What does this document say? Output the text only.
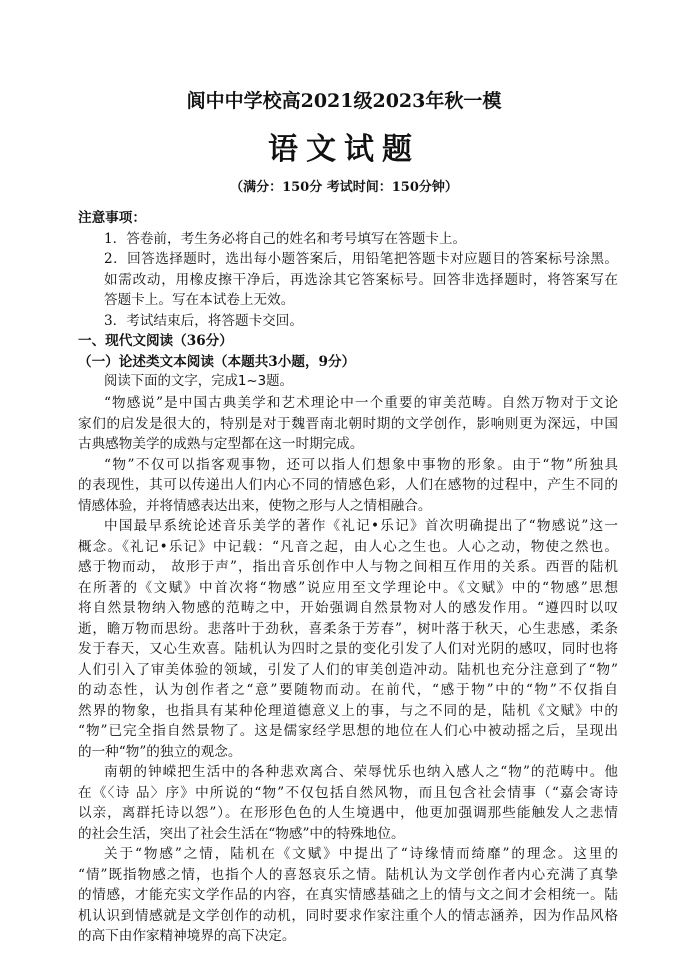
阆中中学校高2021级2023年秋一模
语文试题
（满分：150分 考试时间：150分钟）
注意事项：
1．答卷前，考生务必将自己的姓名和考号填写在答题卡上。
2．回答选择题时，选出每小题答案后，用铅笔把答题卡对应题目的答案标号涂黑。
如需改动，用橡皮擦干净后，再选涂其它答案标号。回答非选择题时，将答案写在
答题卡上。写在本试卷上无效。
3．考试结束后，将答题卡交回。
一、现代文阅读（36分）
（一）论述类文本阅读（本题共3小题，9分）
阅读下面的文字，完成1~3题。
“物感说”是中国古典美学和艺术理论中一个重要的审美范畴。自然万物对于文论
家们的启发是很大的，特别是对于魏晋南北朝时期的文学创作，影响则更为深远，中国
古典感物美学的成熟与定型都在这一时期完成。
“物”不仅可以指客观事物，还可以指人们想象中事物的形象。由于“物”所独具
的表现性，其可以传递出人们内心不同的情感色彩，人们在感物的过程中，产生不同的
情感体验，并将情感表达出来，使物之形与人之情相融合。
中国最早系统论述音乐美学的著作《礼记•乐记》首次明确提出了“物感说”这一
概念。《礼记•乐记》中记载：“凡音之起，由人心之生也。人心之动，物使之然也。
感于物而动， 故形于声”，指出音乐创作中人与物之间相互作用的关系。西晋的陆机
在所著的《文赋》中首次将“物感”说应用至文学理论中。《文赋》中的“物感”思想
将自然景物纳入物感的范畴之中，开始强调自然景物对人的感发作用。“遵四时以叹
逝，瞻万物而思纷。悲落叶于劲秋，喜柔条于芳春”，树叶落于秋天，心生悲感，柔条
发于春天，又心生欢喜。陆机认为四时之景的变化引发了人们对光阴的感叹，同时也将
人们引入了审美体验的领域，引发了人们的审美创造冲动。陆机也充分注意到了“物”
的动态性，认为创作者之“意”要随物而动。在前代，“感于物”中的“物”不仅指自
然界的物象，也指具有某种伦理道德意义上的事，与之不同的是，陆机《文赋》中的
“物”已完全指自然景物了。这是儒家经学思想的地位在人们心中被动摇之后，呈现出
的一种“物”的独立的观念。
南朝的钟嵘把生活中的各种悲欢离合、荣辱忧乐也纳入感人之“物”的范畴中。他
在《〈诗 品〉序》中所说的“物”不仅包括自然风物，而且包含社会情事（“嘉会寄诗
以亲，离群托诗以怨”）。在形形色色的人生境遇中，他更加强调那些能触发人之悲情
的社会生活，突出了社会生活在“物感”中的特殊地位。
关于“物感”之情，陆机在《文赋》中提出了“诗缘情而绮靡”的理念。这里的
“情”既指物感之情，也指个人的喜怒哀乐之情。陆机认为文学创作者内心充满了真挚
的情感，才能充实文学作品的内容，在真实情感基础之上的情与文之间才会相统一。陆
机认识到情感就是文学创作的动机，同时要求作家注重个人的情志涵养，因为作品风格
的高下由作家精神境界的高下决定。
